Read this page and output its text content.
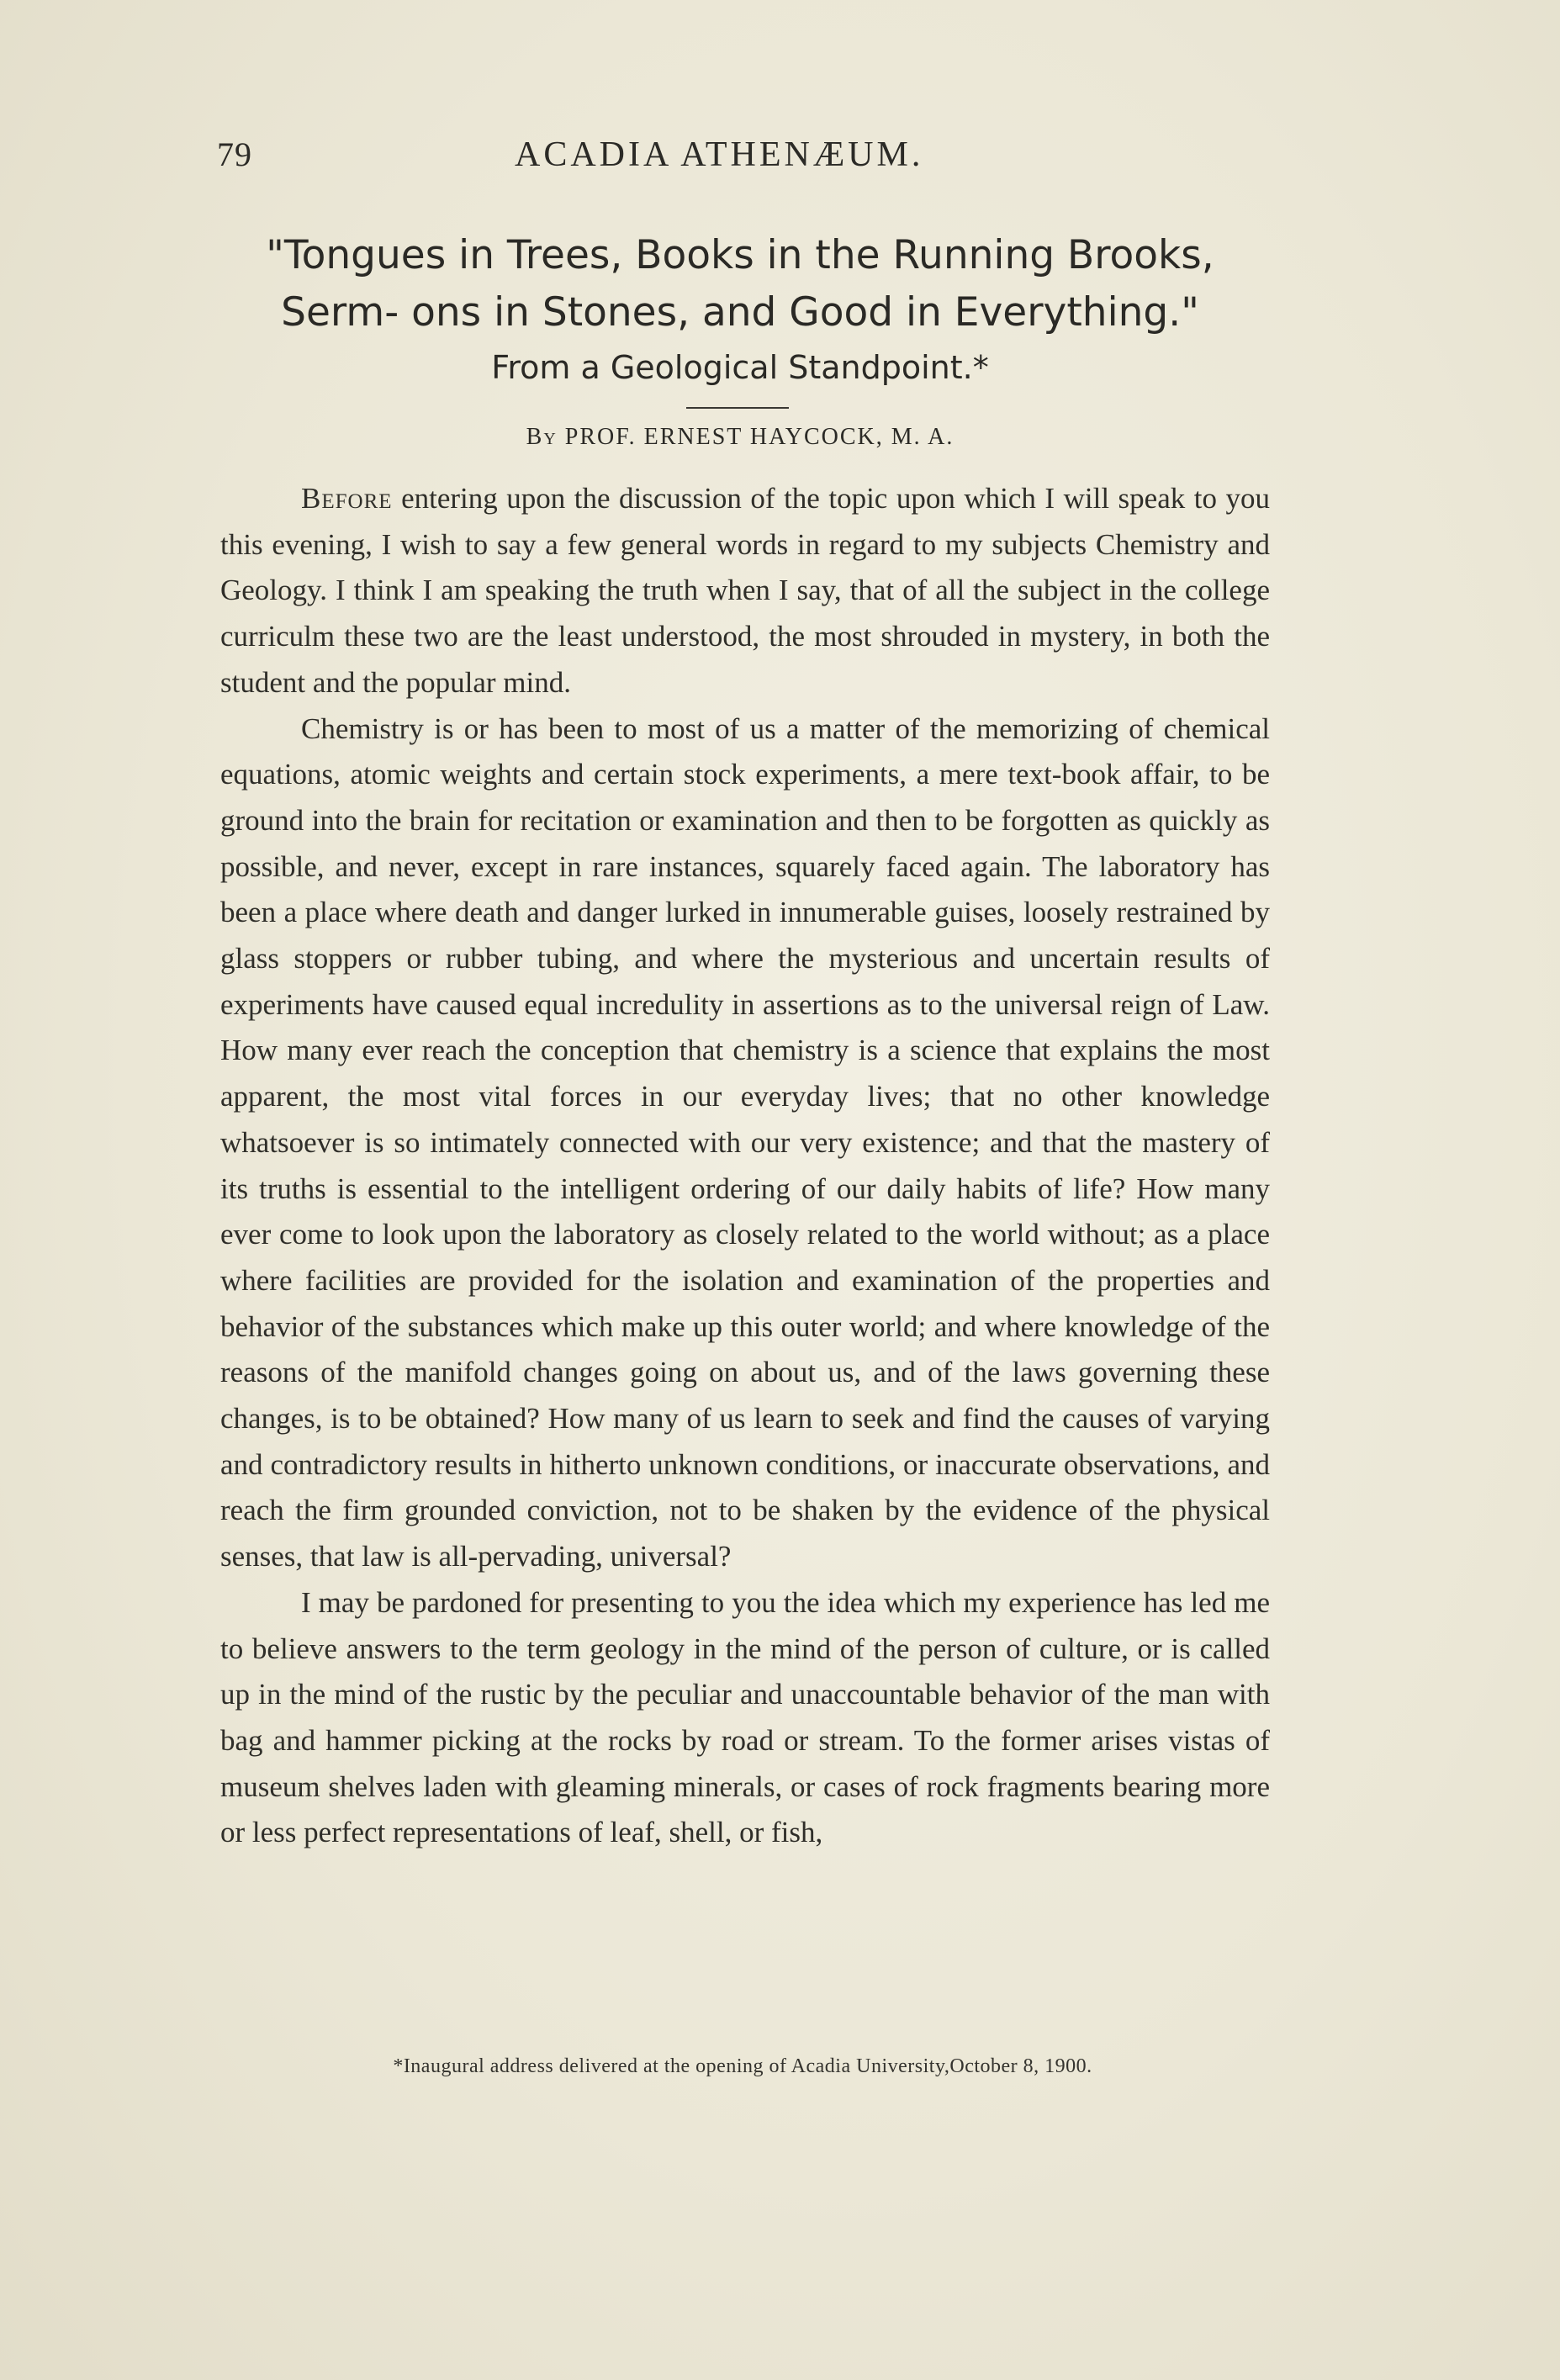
79	ACADIA ATHENÆUM.
"Tongues in Trees, Books in the Running Brooks, Serm- ons in Stones, and Good in Everything."
From a Geological Standpoint.*
By PROF. ERNEST HAYCOCK, M. A.

Before entering upon the discussion of the topic upon which I will speak to you this evening, I wish to say a few general words in regard to my subjects Chemistry and Geology. I think I am speaking the truth when I say, that of all the subject in the college curriculm these two are the least understood, the most shrouded in mystery, in both the student and the popular mind.

Chemistry is or has been to most of us a matter of the memorizing of chemical equations, atomic weights and certain stock experiments, a mere text-book affair, to be ground into the brain for recitation or examination and then to be forgotten as quickly as possible, and never, except in rare instances, squarely faced again. The laboratory has been a place where death and danger lurked in innumerable guises, loosely restrained by glass stoppers or rubber tubing, and where the mysterious and uncertain results of experiments have caused equal incredulity in assertions as to the universal reign of Law. How many ever reach the conception that chemistry is a science that explains the most apparent, the most vital forces in our everyday lives; that no other knowledge whatsoever is so intimately connected with our very existence; and that the mastery of its truths is essential to the intelligent ordering of our daily habits of life? How many ever come to look upon the laboratory as closely related to the world without; as a place where facilities are provided for the isolation and examination of the properties and behavior of the substances which make up this outer world; and where knowledge of the reasons of the manifold changes going on about us, and of the laws governing these changes, is to be obtained? How many of us learn to seek and find the causes of varying and contradictory results in hitherto unknown conditions, or inaccurate observations, and reach the firm grounded conviction, not to be shaken by the evidence of the physical senses, that law is all-pervading, universal?

I may be pardoned for presenting to you the idea which my experience has led me to believe answers to the term geology in the mind of the person of culture, or is called up in the mind of the rustic by the peculiar and unaccountable behavior of the man with bag and hammer picking at the rocks by road or stream. To the former arises vistas of museum shelves laden with gleaming minerals, or cases of rock fragments bearing more or less perfect representations of leaf, shell, or fish,

*Inaugural address delivered at the opening of Acadia University,October 8, 1900.
